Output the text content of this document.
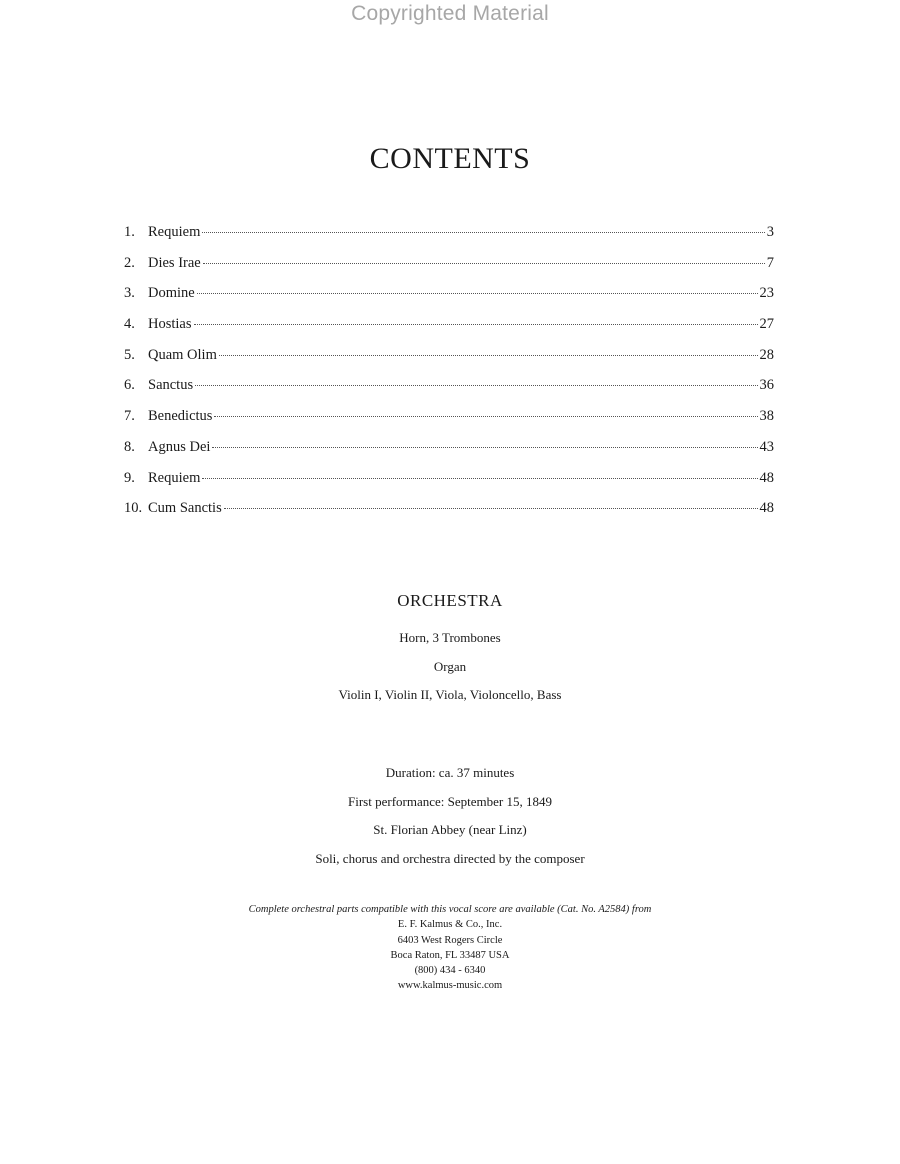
Copyrighted Material
CONTENTS
1. Requiem	3
2. Dies Irae	7
3. Domine	23
4. Hostias	27
5. Quam Olim	28
6. Sanctus	36
7. Benedictus	38
8. Agnus Dei	43
9. Requiem	48
10. Cum Sanctis	48
ORCHESTRA
Horn, 3 Trombones
Organ
Violin I, Violin II, Viola, Violoncello, Bass
Duration: ca. 37 minutes
First performance: September 15, 1849
St. Florian Abbey (near Linz)
Soli, chorus and orchestra directed by the composer
Complete orchestral parts compatible with this vocal score are available (Cat. No. A2584) from
E. F. Kalmus & Co., Inc.
6403 West Rogers Circle
Boca Raton, FL 33487 USA
(800) 434 - 6340
www.kalmus-music.com
